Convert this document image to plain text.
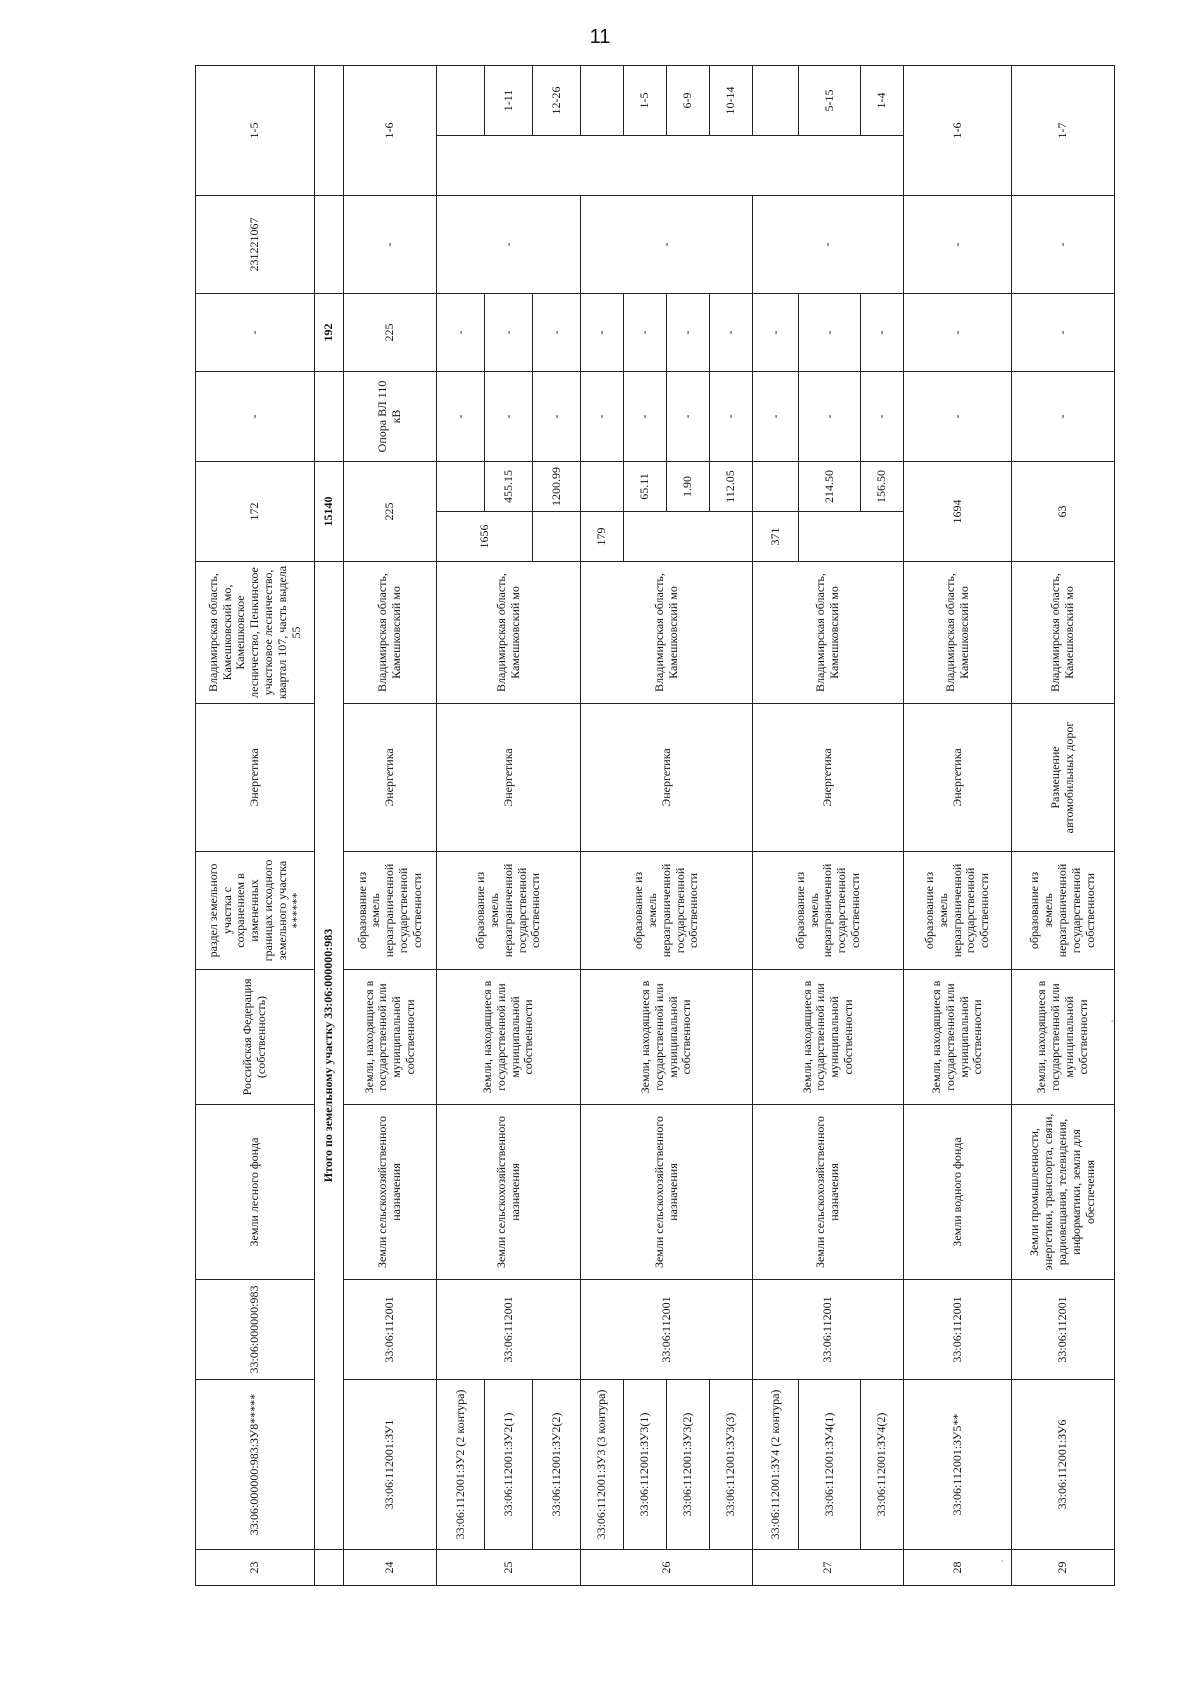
11
23	33:06:000000:983:ЗУ8*****	33:06:000000:983	Земли лесного фонда	Российская Федерация (собственность)	раздел земельного участка с сохранением в измененных границах исходного земельного участка ******	Энергетика	Владимирская область, Камешковский мо, Камешковское лесничество, Пенкинское участковое лесничество, квартал 107, часть выдела 55	172		-	-	231221067	1-5	
	Итого по земельному участку 33:06:000000:983							15140			192			
24	33:06:112001:ЗУ1	33:06:112001	Земли сельскохозяйственного назначения	Земли, находящиеся в государственной или муниципальной собственности	образование из земель неразграниченной государственной собственности	Энергетика	Владимирская область, Камешковский мо	225		Опора ВЛ 110 кВ	225	-	1-6	
25	33:06:112001:ЗУ2 (2 контура)	33:06:112001	Земли сельскохозяйственного назначения	Земли, находящиеся в государственной или муниципальной собственности	образование из земель неразграниченной государственной собственности	Энергетика	Владимирская область, Камешковский мо	1656		-	-	-		
	33:06:112001:ЗУ2(1)								455.15	-	-			1-11
	33:06:112001:ЗУ2(2)								1200.99	-	-			12-26
26	33:06:112001:ЗУ3 (3 контура)	33:06:112001	Земли сельскохозяйственного назначения	Земли, находящиеся в государственной или муниципальной собственности	образование из земель неразграниченной государственной собственности	Энергетика	Владимирская область, Камешковский мо	179		-	-	-		
	33:06:112001:ЗУ3(1)								65.11	-	-			1-5
	33:06:112001:ЗУ3(2)								1.90	-	-			6-9
	33:06:112001:ЗУ3(3)								112.05	-	-			10-14
27	33:06:112001:ЗУ4 (2 контура)	33:06:112001	Земли сельскохозяйственного назначения	Земли, находящиеся в государственной или муниципальной собственности	образование из земель неразграниченной государственной собственности	Энергетика	Владимирская область, Камешковский мо	371		-	-	-		
	33:06:112001:ЗУ4(1)								214.50	-	-			5-15
	33:06:112001:ЗУ4(2)								156.50	-	-			1-4
28	33:06:112001:ЗУ5**	33:06:112001	Земли водного фонда	Земли, находящиеся в государственной или муниципальной собственности	образование из земель неразграниченной государственной собственности	Энергетика	Владимирская область, Камешковский мо	1694		-	-	-	1-6	
29	33:06:112001:ЗУ6	33:06:112001	Земли промышленности, энергетики, транспорта, связи, радиовещания, телевидения, информатики, земли для обеспечения	Земли, находящиеся в государственной или муниципальной собственности	образование из земель неразграниченной государственной собственности	Размещение автомобильных дорог	Владимирская область, Камешковский мо	63		-	-	-	1-7	
·
·
